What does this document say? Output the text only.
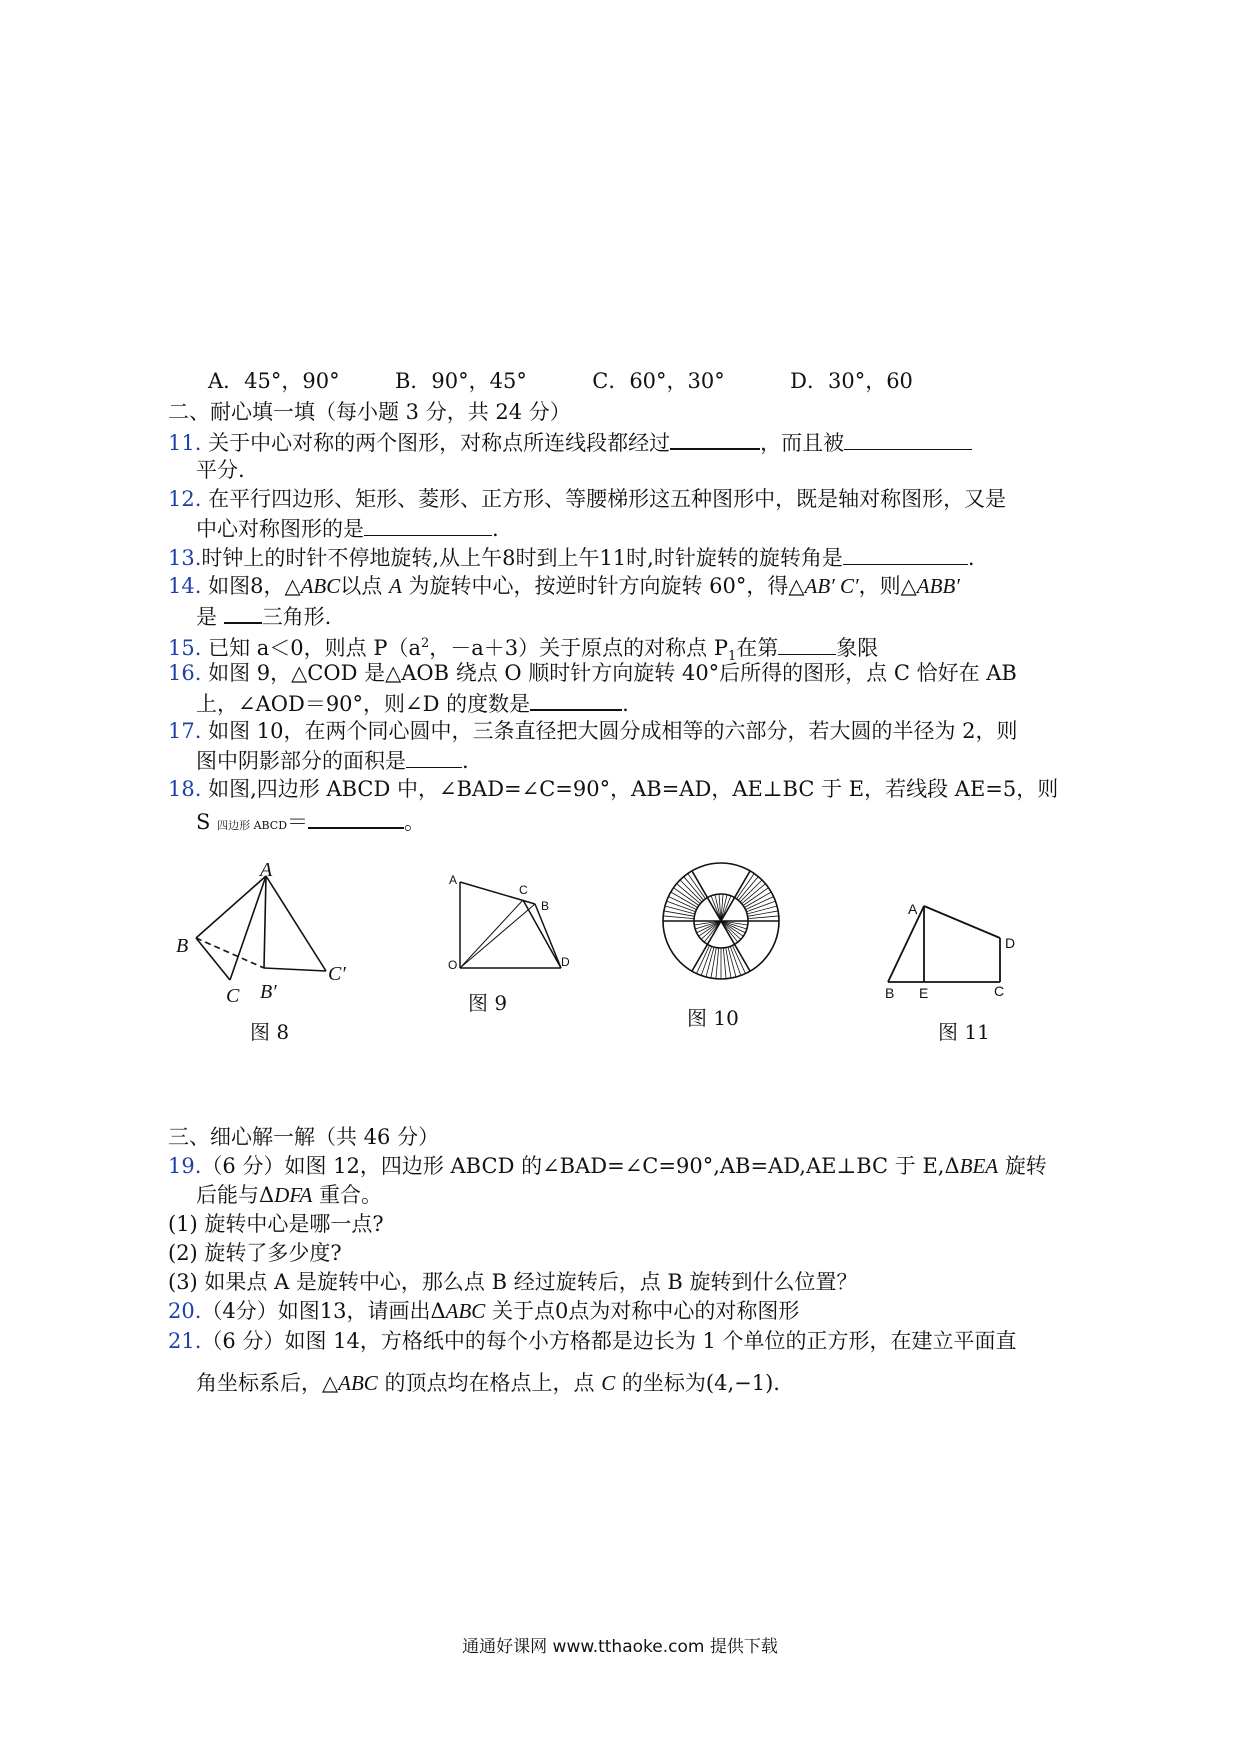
A．45°，90°	B．90°，45°	C．60°，30°	D．30°，60
二、耐心填一填（每小题 3 分，共 24 分）
11. 关于中心对称的两个图形，对称点所连线段都经过	，而且被
平分.
12. 在平行四边形、矩形、菱形、正方形、等腰梯形这五种图形中，既是轴对称图形，又是
中心对称图形的是	.
13.时钟上的时针不停地旋转,从上午8时到上午11时,时针旋转的旋转角是	.
14. 如图8，△ABC以点 A 为旋转中心，按逆时针方向旋转 60°，得△AB′ C′，则△ABB′
是 三角形.
15. 已知 a＜0，则点 $P(a^2$，－a＋3）关于原点的对称点 $P_1$在第	象限
16. 如图 9，△COD 是△AOB 绕点 O 顺时针方向旋转 40°后所得的图形，点 C 恰好在 AB
上，∠AOD＝90°，则∠D 的度数是	.
17. 如图 10，在两个同心圆中，三条直径把大圆分成相等的六部分，若大圆的半径为 2，则
图中阴影部分的面积是	.
18. 如图,四边形 ABCD 中，∠BAD=∠C=90°，AB=AD，AE⊥BC 于 E，若线段 AE=5，则
S 四边形 ABCD＝	。
A
B
C B′
C′
图 8
A
C
B
D
O
图 9
图 10
A
D
B E	C
图 11
三、细心解一解（共 46 分）
19.（6 分）如图 12，四边形 ABCD 的∠BAD=∠C=90°,AB=AD,AE⊥BC 于 E,ΔBEA 旋转
后能与ΔDFA 重合。
(1) 旋转中心是哪一点?
(2) 旋转了多少度?
(3) 如果点 A 是旋转中心，那么点 B 经过旋转后，点 B 旋转到什么位置？
20.（4分）如图13，请画出ΔABC 关于点0点为对称中心的对称图形
21.（6 分）如图 14，方格纸中的每个小方格都是边长为 1 个单位的正方形，在建立平面直
角坐标系后，△ABC 的顶点均在格点上，点 C 的坐标为(4,−1).
通通好课网 www.tthaoke.com 提供下载
